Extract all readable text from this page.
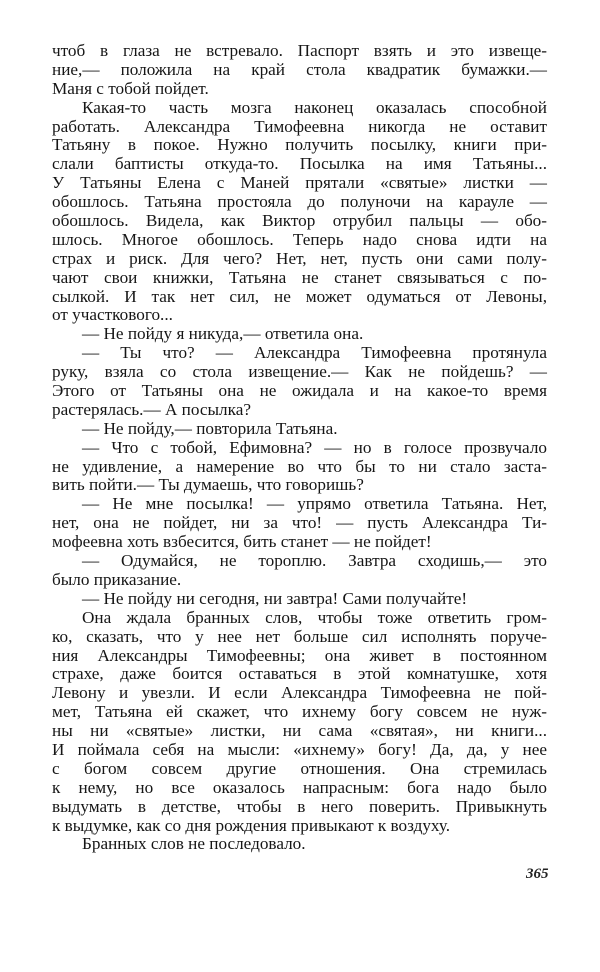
чтоб в глаза не встревало. Паспорт взять и это извеще-
ние,— положила на край стола квадратик бумажки.—
Маня с тобой пойдет.
Какая-то часть мозга наконец оказалась способной
работать. Александра Тимофеевна никогда не оставит
Татьяну в покое. Нужно получить посылку, книги при-
слали баптисты откуда-то. Посылка на имя Татьяны...
У Татьяны Елена с Маней прятали «святые» листки —
обошлось. Татьяна простояла до полуночи на карауле —
обошлось. Видела, как Виктор отрубил пальцы — обо-
шлось. Многое обошлось. Теперь надо снова идти на
страх и риск. Для чего? Нет, нет, пусть они сами полу-
чают свои книжки, Татьяна не станет связываться с по-
сылкой. И так нет сил, не может одуматься от Левоны,
от участкового...
— Не пойду я никуда,— ответила она.
— Ты что? — Александра Тимофеевна протянула
руку, взяла со стола извещение.— Как не пойдешь? —
Этого от Татьяны она не ожидала и на какое-то время
растерялась.— А посылка?
— Не пойду,— повторила Татьяна.
— Что с тобой, Ефимовна? — но в голосе прозвучало
не удивление, а намерение во что бы то ни стало заста-
вить пойти.— Ты думаешь, что говоришь?
— Не мне посылка! — упрямо ответила Татьяна. Нет,
нет, она не пойдет, ни за что! — пусть Александра Ти-
мофеевна хоть взбесится, бить станет — не пойдет!
— Одумайся, не тороплю. Завтра сходишь,— это
было приказание.
— Не пойду ни сегодня, ни завтра! Сами получайте!
Она ждала бранных слов, чтобы тоже ответить гром-
ко, сказать, что у нее нет больше сил исполнять поруче-
ния Александры Тимофеевны; она живет в постоянном
страхе, даже боится оставаться в этой комнатушке, хотя
Левону и увезли. И если Александра Тимофеевна не пой-
мет, Татьяна ей скажет, что ихнему богу совсем не нуж-
ны ни «святые» листки, ни сама «святая», ни книги...
И поймала себя на мысли: «ихнему» богу! Да, да, у нее
с богом совсем другие отношения. Она стремилась
к нему, но все оказалось напрасным: бога надо было
выдумать в детстве, чтобы в него поверить. Привыкнуть
к выдумке, как со дня рождения привыкают к воздуху.
Бранных слов не последовало.
365
